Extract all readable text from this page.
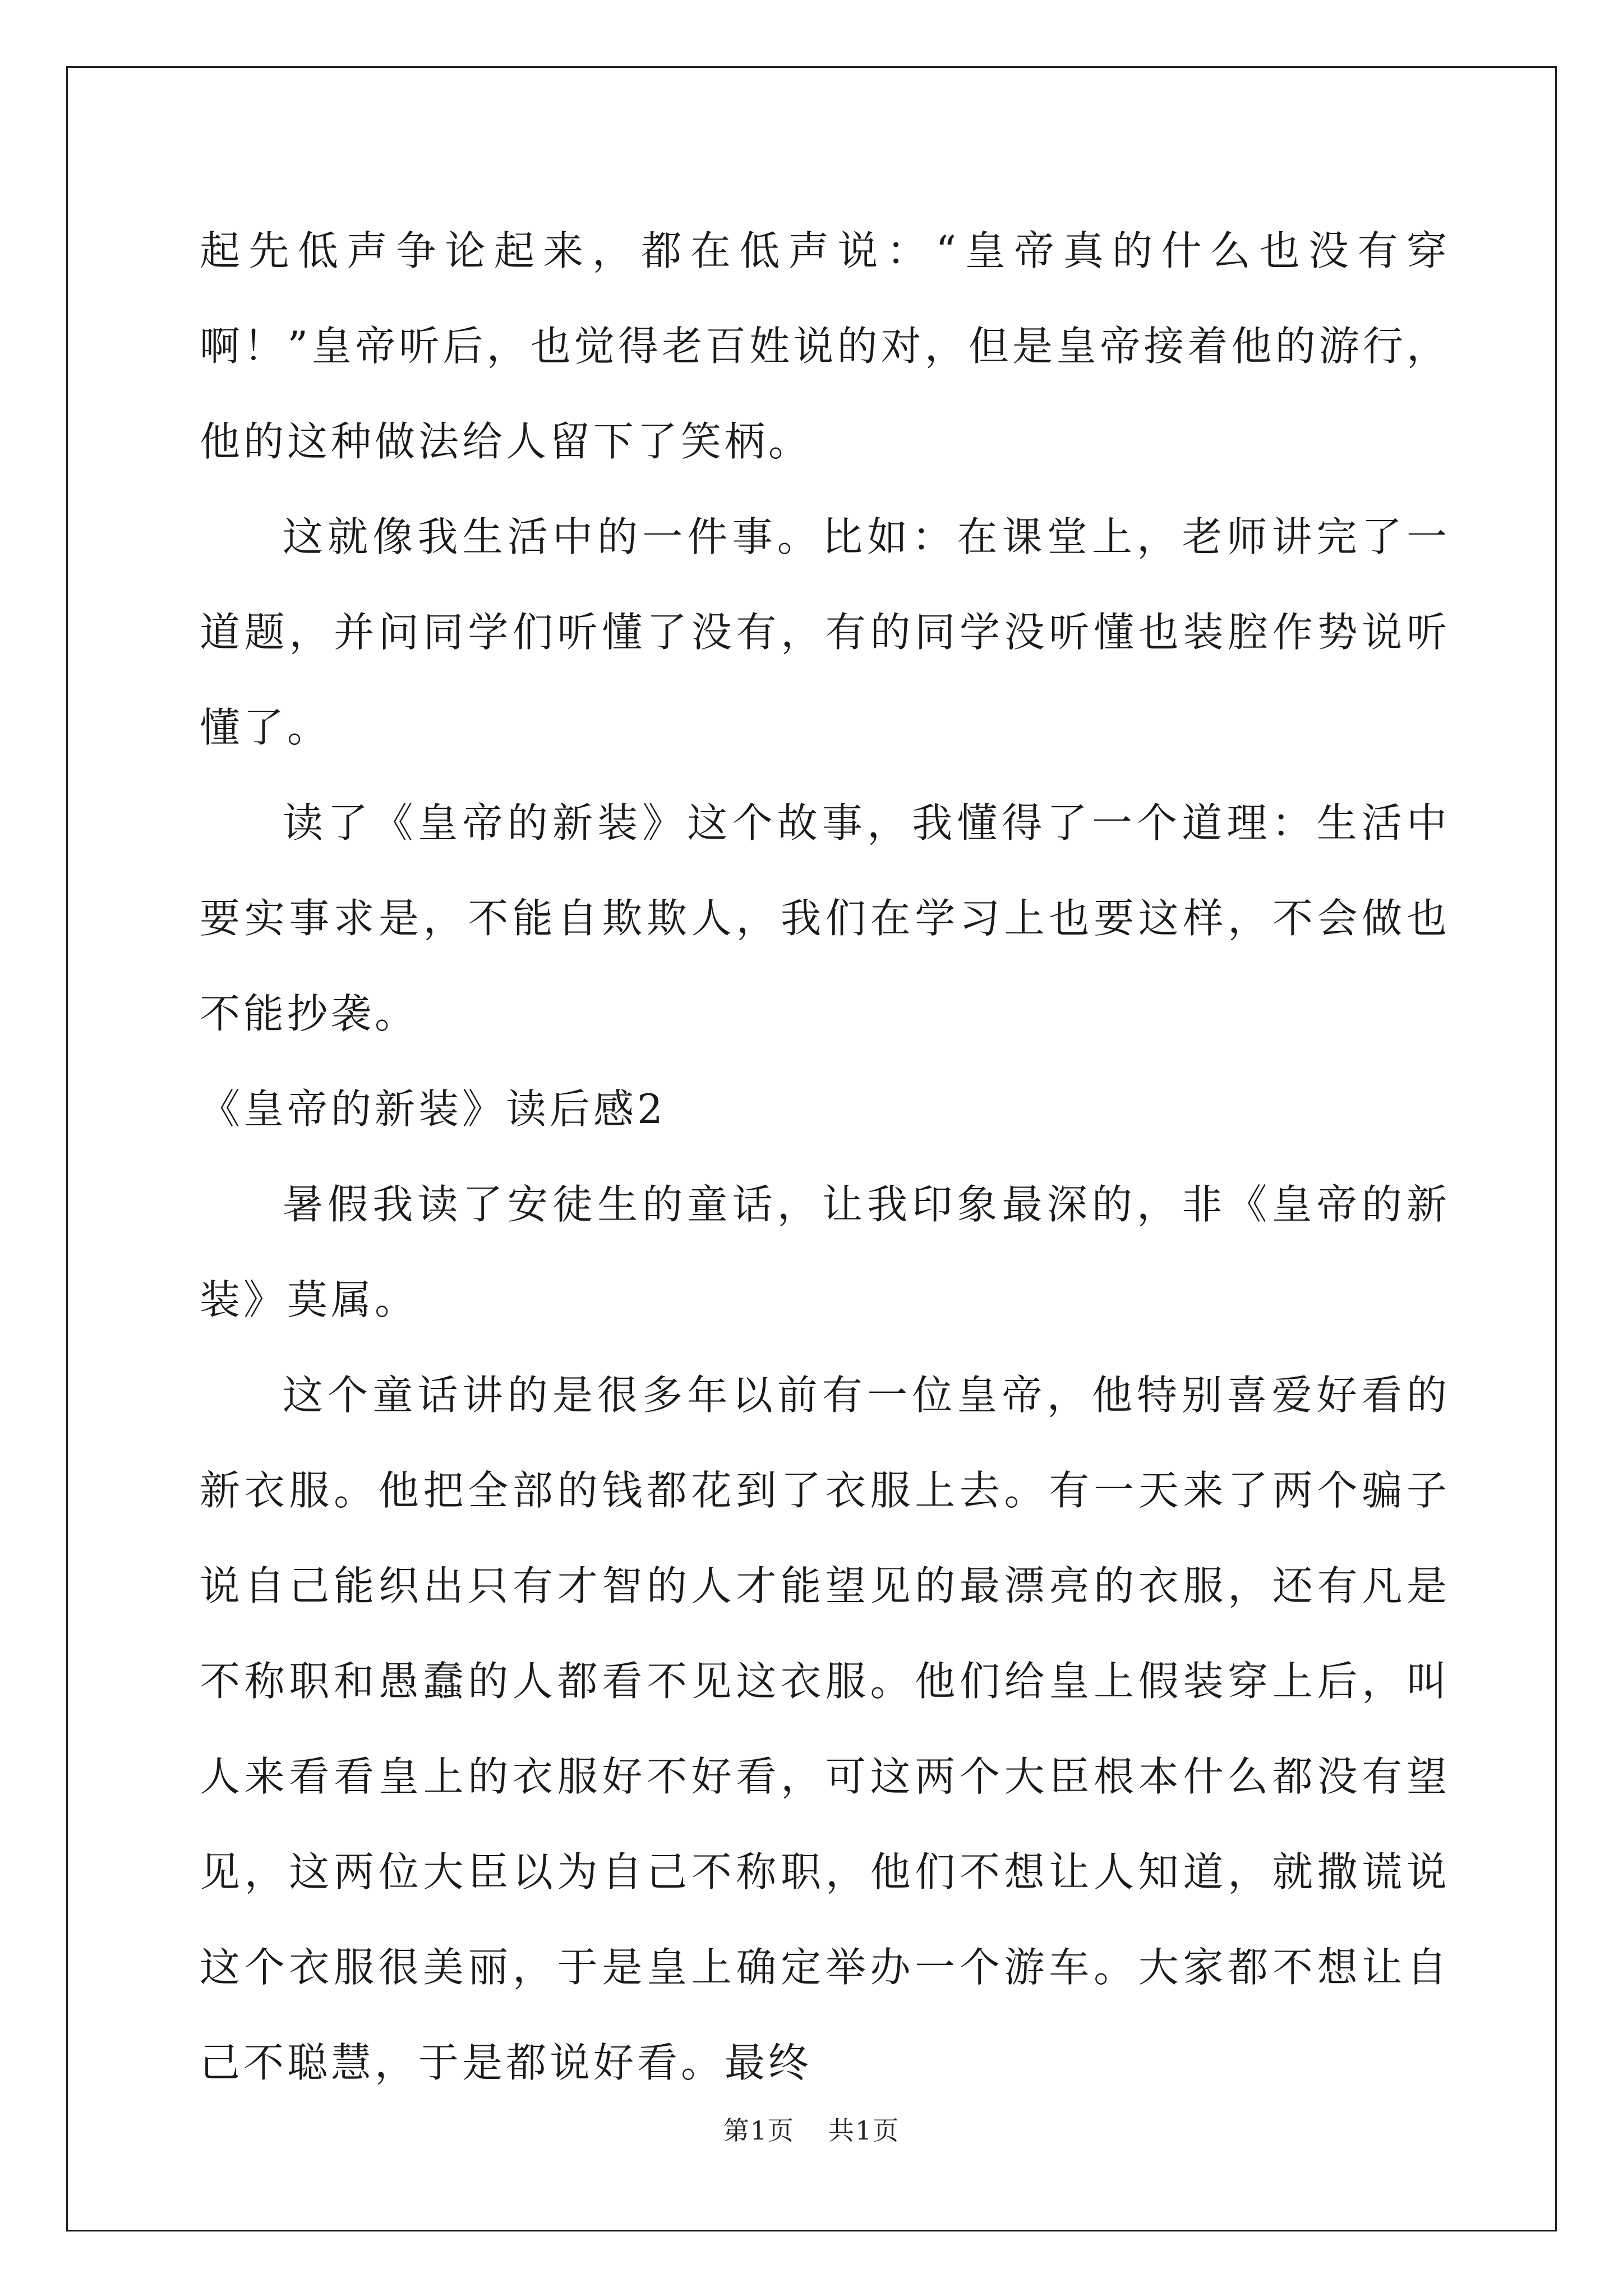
起先低声争论起来，都在低声说：“皇帝真的什么也没有穿啊！”皇帝听后，也觉得老百姓说的对，但是皇帝接着他的游行，他的这种做法给人留下了笑柄。

这就像我生活中的一件事。比如：在课堂上，老师讲完了一道题，并问同学们听懂了没有，有的同学没听懂也装腔作势说听懂了。

读了《皇帝的新装》这个故事，我懂得了一个道理：生活中要实事求是，不能自欺欺人，我们在学习上也要这样，不会做也不能抄袭。

《皇帝的新装》读后感2

暑假我读了安徒生的童话，让我印象最深的，非《皇帝的新装》莫属。

这个童话讲的是很多年以前有一位皇帝，他特别喜爱好看的新衣服。他把全部的钱都花到了衣服上去。有一天来了两个骗子说自己能织出只有才智的人才能望见的最漂亮的衣服，还有凡是不称职和愚蠢的人都看不见这衣服。他们给皇上假装穿上后，叫人来看看皇上的衣服好不好看，可这两个大臣根本什么都没有望见，这两位大臣以为自己不称职，他们不想让人知道，就撒谎说这个衣服很美丽，于是皇上确定举办一个游车。大家都不想让自己不聪慧，于是都说好看。最终

第1页 共1页
